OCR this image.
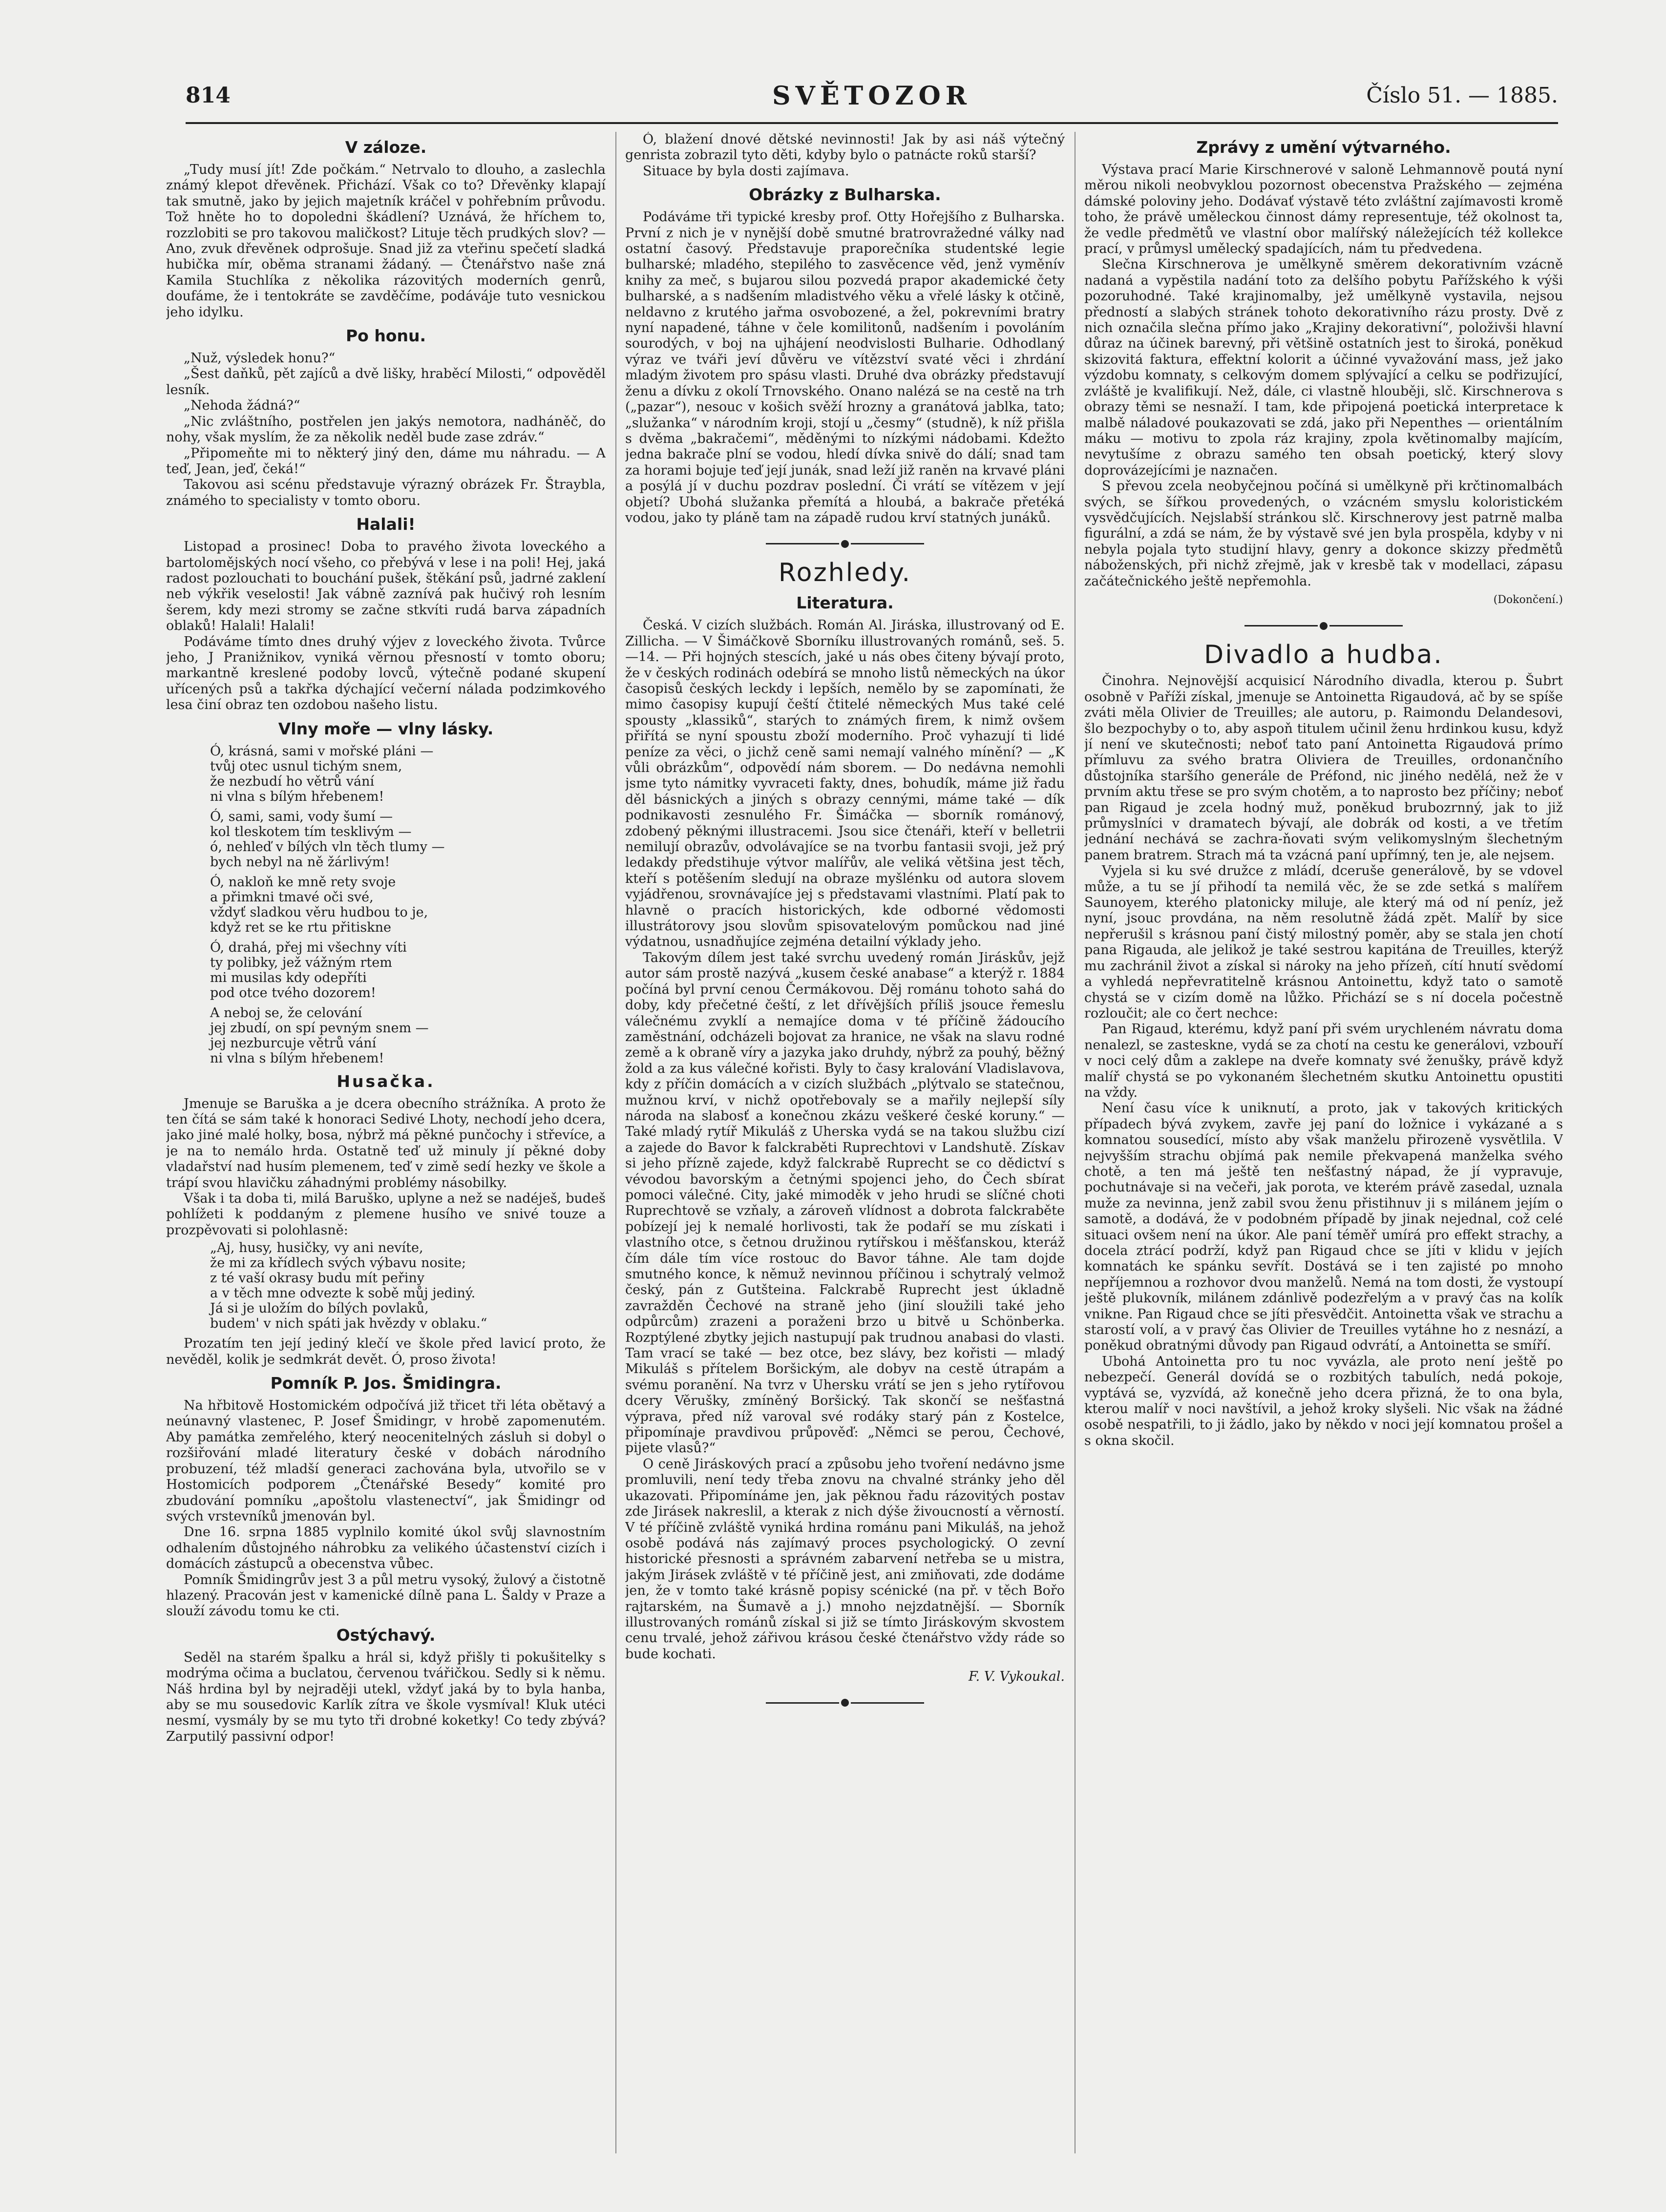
814	SVĚTOZOR	Číslo 51. — 1885.
V záloze.

„Tudy musí jít! Zde počkám.“ Netrvalo to dlouho, a zaslechla známý klepot dřevěnek. Přichází. Však co to? Dřevěnky klapají tak smutně, jako by jejich majetník kráčel v pohřebním průvodu. Tož hněte ho to dopoledni škádlení? Uznává, že hříchem to, rozzlobiti se pro takovou maličkost? Lituje těch prudkých slov? — Ano, zvuk dřevěnek odprošuje. Snad již za vteřinu spečetí sladká hubička mír, oběma stranami žádaný. — Čtenářstvo naše zná Kamila Stuchlíka z několika rázovitých moderních genrů, doufáme, že i tentokráte se zavděčíme, podáváje tuto vesnickou jeho idylku.

Po honu.

„Nuž, výsledek honu?“

„Šest daňků, pět zajíců a dvě lišky, hraběcí Milosti,“ odpověděl lesník.

„Nehoda žádná?“

„Nic zvláštního, postřelen jen jakýs nemotora, nadháněč, do nohy, však myslím, že za několik neděl bude zase zdráv.“

„Připomeňte mi to některý jiný den, dáme mu náhradu. — A teď, Jean, jeď, čeká!“

Takovou asi scénu představuje výrazný obrázek Fr. Štraybla, známého to specialisty v tomto oboru.

Halali!

Listopad a prosinec! Doba to pravého života loveckého a bartolomějských nocí všeho, co přebývá v lese i na poli! Hej, jaká radost pozlouchati to bouchání pušek, štěkání psů, jadrné zaklení neb výkřik veselosti! Jak vábně zaznívá pak hučivý roh lesním šerem, kdy mezi stromy se začne stkvíti rudá barva západních oblaků! Halali! Halali!

Podáváme tímto dnes druhý výjev z loveckého života. Tvůrce jeho, J Pranižnikov, vyniká věrnou přesností v tomto oboru; markantně kreslené podoby lovců, výtečně podané skupení uřícených psů a takřka dýchající večerní nálada podzimkového lesa činí obraz ten ozdobou našeho listu.

Vlny moře — vlny lásky.
Ó, krásná, sami v mořské pláni —
tvůj otec usnul tichým snem,
že nezbudí ho větrů vání
ni vlna s bílým hřebenem!
Ó, sami, sami, vody šumí —
kol tleskotem tím tesklivým —
ó, nehleď v bílých vln těch tlumy —
bych nebyl na ně žárlivým!
Ó, nakloň ke mně rety svoje
a přimkni tmavé oči své,
vždyť sladkou věru hudbou to je,
když ret se ke rtu přitiskne
Ó, drahá, přej mi všechny víti
ty polibky, jež vážným rtem
mi musilas kdy odepříti
pod otce tvého dozorem!
A neboj se, že celování
jej zbudí, on spí pevným snem —
jej nezburcuje větrů vání
ni vlna s bílým hřebenem!
Husačka.

Jmenuje se Baruška a je dcera obecního strážníka. A proto že ten čítá se sám také k honoraci Sedivé Lhoty, nechodí jeho dcera, jako jiné malé holky, bosa, nýbrž má pěkné punčochy i střevíce, a je na to nemálo hrda. Ostatně teď už minuly jí pěkné doby vladařství nad husím plemenem, teď v zimě sedí hezky ve škole a trápí svou hlavičku záhadnými problémy násobilky.

Však i ta doba ti, milá Baruško, uplyne a než se nadéješ, budeš pohlížeti k poddaným z plemene husího ve snivé touze a prozpěvovati si polohlasně:

„Aj, husy, husičky, vy ani nevíte,
že mi za křídlech svých výbavu nosite;
z té vaší okrasy budu mít peřiny
a v těch mne odvezte k sobě můj jediný.
Já si je uložím do bílých povlaků,
budem' v nich spáti jak hvězdy v oblaku.“

Prozatím ten její jediný klečí ve škole před lavicí proto, že nevěděl, kolik je sedmkrát devět. Ó, proso života!

Pomník P. Jos. Šmidingra.

Na hřbitově Hostomickém odpočívá již třicet tři léta obětavý a neúnavný vlastenec, P. Josef Šmidingr, v hrobě zapomenutém. Aby památka zemřelého, který neocenitelných zásluh si dobyl o rozšiřování mladé literatury české v dobách národního probuzení, též mladší generaci zachována byla, utvořilo se v Hostomicích podporem „Čtenářské Besedy“ komité pro zbudování pomníku „apoštolu vlastenectví“, jak Šmidingr od svých vrstevníků jmenován byl.

Dne 16. srpna 1885 vyplnilo komité úkol svůj slavnostním odhalením důstojného náhrobku za velikého účastenství cizích i domácích zástupců a obecenstva vůbec.

Pomník Šmidingrův jest 3 a půl metru vysoký, žulový a čistotně hlazený. Pracován jest v kamenické dílně pana L. Šaldy v Praze a slouží závodu tomu ke cti.

Ostýchavý.

Seděl na starém špalku a hrál si, když přišly ti pokušitelky s modrýma očima a buclatou, červenou tvářičkou. Sedly si k němu. Náš hrdina byl by nejraději utekl, vždyť jaká by to byla hanba, aby se mu sousedovic Karlík zítra ve škole vysmíval! Kluk utéci nesmí, vysmály by se mu tyto tři drobné koketky! Co tedy zbývá? Zarputilý passivní odpor!

Ó, blažení dnové dětské nevinnosti! Jak by asi náš výtečný genrista zobrazil tyto děti, kdyby bylo o patnácte roků starší?

Situace by byla dosti zajímava.

Obrázky z Bulharska.

Podáváme tři typické kresby prof. Otty Hořejšího z Bulharska. První z nich je v nynější době smutné bratrovražedné války nad ostatní časový. Představuje praporečníka studentské legie bulharské; mladého, stepilého to zasvěcence věd, jenž vyměnív knihy za meč, s bujarou silou pozvedá prapor akademické čety bulharské, a s nadšením mladistvého věku a vřelé lásky k otčině, neldavno z krutého jařma osvobozené, a žel, pokrevními bratry nyní napadené, táhne v čele komilitonů, nadšením i povoláním sourodých, v boj na ujhájení neodvislosti Bulharie. Odhodlaný výraz ve tváři jeví důvěru ve vítězství svaté věci i zhrdání mladým životem pro spásu vlasti. Druhé dva obrázky představují ženu a dívku z okolí Trnovského. Onano nalézá se na cestě na trh („pazar“), nesouc v košich svěží hrozny a granátová jablka, tato; „služanka“ v národním kroji, stojí u „česmy“ (studně), k níž přišla s dvěma „bakračemi“, měděnými to nízkými nádobami. Kdežto jedna bakrače plní se vodou, hledí dívka snivě do dálí; snad tam za horami bojuje teď její junák, snad leží již raněn na krvavé pláni a posýlá jí v duchu pozdrav poslední. Či vrátí se vítězem v její objetí? Ubohá služanka přemítá a hloubá, a bakrače přetéká vodou, jako ty pláně tam na západě rudou krví statných junáků.

Rozhledy.
Literatura.

Česká. V cizích službách. Román Al. Jiráska, illustrovaný od E. Zillicha. — V Šimáčkově Sborníku illustrovaných románů, seš. 5.—14. — Při hojných stescích, jaké u nás obes čiteny bývají proto, že v českých rodinách odebírá se mnoho listů německých na úkor časopisů českých leckdy i lepších, nemělo by se zapomínati, že mimo časopisy kupují čeští čtitelé německých Mus také celé spousty „klassiků“, starých to známých firem, k nimž ovšem přiřítá se nyní spoustu zboží moderního. Proč vyhazují ti lidé peníze za věci, o jichž ceně sami nemají valného mínění? — „K vůli obrázkům“, odpovědí nám sborem. — Do nedávna nemohli jsme tyto námitky vyvraceti fakty, dnes, bohudík, máme již řadu děl básnických a jiných s obrazy cennými, máme také — dík podnikavosti zesnulého Fr. Šimáčka — sborník románový, zdobený pěknými illustracemi. Jsou sice čtenáři, kteří v belletrii nemilují obrazův, odvolávajíce se na tvorbu fantasii svoji, jež prý ledakdy předstihuje výtvor malířův, ale veliká většina jest těch, kteří s potěšením sledují na obraze myšlénku od autora slovem vyjádřenou, srovnávajíce jej s představami vlastními. Platí pak to hlavně o pracích historických, kde odborné vědomosti illustrátorovy jsou slovům spisovatelovým pomůckou nad jiné výdatnou, usnadňujíce zejména detailní výklady jeho.

Takovým dílem jest také svrchu uvedený román Jiráskův, jejž autor sám prostě nazývá „kusem české anabase“ a kterýž r. 1884 počíná byl první cenou Čermákovou. Děj románu tohoto sahá do doby, kdy přečetné čeští, z let dřívějších příliš jsouce řemeslu válečnému zvyklí a nemajíce doma v té příčině žádoucího zaměstnání, odcházeli bojovat za hranice, ne však na slavu rodné země a k obraně víry a jazyka jako druhdy, nýbrž za pouhý, běžný žold a za kus válečné kořisti. Byly to časy kralování Vladislavova, kdy z příčin domácích a v cizích službách „plýtvalo se statečnou, mužnou krví, v nichž opotřebovaly se a mařily nejlepší síly národa na slabosť a konečnou zkázu veškeré české koruny.“ — Také mladý rytíř Mikuláš z Uherska vydá se na takou službu cizí a zajede do Bavor k falckraběti Ruprechtovi v Landshutě. Získav si jeho přízně zajede, když falckrabě Ruprecht se co dědictví s vévodou bavorským a četnými spojenci jeho, do Čech sbírat pomoci válečné. City, jaké mimoděk v jeho hrudi se slíčné choti Ruprechtově se vzňaly, a zároveň vlídnost a dobrota falckraběte pobízejí jej k nemalé horlivosti, tak že podaří se mu získati i vlastního otce, s četnou družinou rytířskou i měšťanskou, kteráž čím dále tím více rostouc do Bavor táhne. Ale tam dojde smutného konce, k němuž nevinnou příčinou i schytralý velmož český, pán z Gutšteina. Falckrabě Ruprecht jest úkladně zavražděn Čechové na straně jeho (jiní sloužili také jeho odpůrcům) zrazeni a poraženi brzo u bitvě u Schönberka. Rozptýlené zbytky jejich nastupují pak trudnou anabasi do vlasti. Tam vrací se také — bez otce, bez slávy, bez kořisti — mladý Mikuláš s přítelem Boršickým, ale dobyv na cestě útrapám a svému poranění. Na tvrz v Uhersku vrátí se jen s jeho rytířovou dcery Věrušky, zmíněný Boršický. Tak skončí se nešťastná výprava, před níž varoval své rodáky starý pán z Kostelce, připomínaje pravdivou průpověď: „Němci se perou, Čechové, pijete vlasů?“

O ceně Jiráskových prací a způsobu jeho tvoření nedávno jsme promluvili, není tedy třeba znovu na chvalné stránky jeho děl ukazovati. Připomínáme jen, jak pěknou řadu rázovitých postav zde Jirásek nakreslil, a kterak z nich dýše živoucností a věrností. V té příčině zvláště vyniká hrdina románu pani Mikuláš, na jehož osobě podává nás zajímavý proces psychologický. O zevní historické přesnosti a správném zabarvení netřeba se u mistra, jakým Jirásek zvláště v té příčině jest, ani zmiňovati, zde dodáme jen, že v tomto také krásně popisy scénické (na př. v těch Bořo rajtarském, na Šumavě a j.) mnoho nejzdatnější. — Sborník illustrovaných románů získal si již se tímto Jiráskovým skvostem cenu trvalé, jehož zářivou krásou české čtenářstvo vždy ráde so bude kochati.

F. V. Vykoukal.

Zprávy z umění výtvarného.

Výstava prací Marie Kirschnerové v saloně Lehmannově poutá nyní měrou nikoli neobvyklou pozornost obecenstva Pražského — zejména dámské poloviny jeho. Dodávať výstavě této zvláštní zajímavosti kromě toho, že právě uměleckou činnost dámy representuje, též okolnost ta, že vedle předmětů ve vlastní obor malířský náležejících též kollekce prací, v průmysl umělecký spadajících, nám tu předvedena.

Slečna Kirschnerova je umělkyně směrem dekorativním vzácně nadaná a vypěstila nadání toto za delšího pobytu Pařížského k výši pozoruhodné. Také krajinomalby, jež umělkyně vystavila, nejsou předností a slabých stránek tohoto dekorativního rázu prosty. Dvě z nich označila slečna přímo jako „Krajiny dekorativní“, položivši hlavní důraz na účinek barevný, při většině ostatních jest to široká, poněkud skizovitá faktura, effektní kolorit a účinné vyvažování mass, jež jako výzdobu komnaty, s celkovým domem splývající a celku se podřizující, zvláště je kvalifikují. Než, dále, ci vlastně hlouběji, slč. Kirschnerova s obrazy těmi se nesnaží. I tam, kde připojená poetická interpretace k malbě náladové poukazovati se zdá, jako při Nepenthes — orientálním máku — motivu to zpola ráz krajiny, zpola květinomalby majícím, nevytušíme z obrazu samého ten obsah poetický, který slovy doprovázejícími je naznačen.

S převou zcela neobyčejnou počíná si umělkyně při krčtinomalbách svých, se šířkou provedených, o vzácném smyslu koloristickém vysvědčujících. Nejslabší stránkou slč. Kirschnerovy jest patrně malba figurální, a zdá se nám, že by výstavě své jen byla prospěla, kdyby v ni nebyla pojala tyto studijní hlavy, genry a dokonce skizzy předmětů náboženských, při nichž zřejmě, jak v kresbě tak v modellaci, zápasu začátečnického ještě nepřemohla.

(Dokončení.)

Divadlo a hudba.

Činohra. Nejnovější acquisicí Národního divadla, kterou p. Šubrt osobně v Paříži získal, jmenuje se Antoinetta Rigaudová, ač by se spíše zváti měla Olivier de Treuilles; ale autoru, p. Raimondu Delandesovi, šlo bezpochyby o to, aby aspoň titulem učinil ženu hrdinkou kusu, když jí není ve skutečnosti; neboť tato paní Antoinetta Rigaudová prímo přímluvu za svého bratra Oliviera de Treuilles, ordonančního důstojníka staršího generále de Préfond, nic jiného nedělá, než že v prvním aktu třese se pro svým chotěm, a to naprosto bez příčiny; neboť pan Rigaud je zcela hodný muž, poněkud brubozrnný, jak to již průmyslníci v dramatech bývají, ale dobrák od kosti, a ve třetím jednání nechává se zachra-ňovati svým velikomyslným šlechetným panem bratrem. Strach má ta vzácná paní upřímný, ten je, ale nejsem.

Vyjela si ku své družce z mládí, dceruše generálově, by se vdovel může, a tu se jí přihodí ta nemilá věc, že se zde setká s malířem Saunoyem, kterého platonicky miluje, ale který má od ní peníz, jež nyní, jsouc provdána, na něm resolutně žádá zpět. Malíř by sice nepřerušil s krásnou paní čistý milostný poměr, aby se stala jen chotí pana Rigauda, ale jelikož je také sestrou kapitána de Treuilles, kterýž mu zachránil život a získal si nároky na jeho přízeň, cítí hnutí svědomí a vyhledá nepřevratitelně krásnou Antoinettu, když tato o samotě chystá se v cizím domě na lůžko. Přichází se s ní docela počestně rozloučit; ale co čert nechce:

Pan Rigaud, kterému, když paní při svém urychleném návratu doma nenalezl, se zasteskne, vydá se za chotí na cestu ke generálovi, vzbouří v noci celý dům a zaklepe na dveře komnaty své ženušky, právě když malíř chystá se po vykonaném šlechetném skutku Antoinettu opustiti na vždy.

Není času více k uniknutí, a proto, jak v takových kritických případech bývá zvykem, zavře jej paní do ložnice i vykázané a s komnatou sousedící, místo aby však manželu přirozeně vysvětlila. V nejvyšším strachu objímá pak nemile překvapená manželka svého chotě, a ten má ještě ten nešťastný nápad, že jí vypravuje, pochutnávaje si na večeři, jak porota, ve kterém právě zasedal, uznala muže za nevinna, jenž zabil svou ženu přistihnuv ji s milánem jejím o samotě, a dodává, že v podobném případě by jinak nejednal, což celé situaci ovšem není na úkor. Ale paní téměř umírá pro effekt strachy, a docela ztrácí podrží, když pan Rigaud chce se jíti v klidu v jejích komnatách ke spánku sevřít. Dostává se i ten zajisté po mnoho nepříjemnou a rozhovor dvou manželů. Nemá na tom dosti, že vystoupí ještě plukovník, milánem zdánlivě podezřelým a v pravý čas na kolík vnikne. Pan Rigaud chce se jíti přesvědčit. Antoinetta však ve strachu a starostí volí, a v pravý čas Olivier de Treuilles vytáhne ho z nesnází, a poněkud obratnými důvody pan Rigaud odvrátí, a Antoinetta se smíří.

Ubohá Antoinetta pro tu noc vyvázla, ale proto není ještě po nebezpečí. Generál dovídá se o rozbitých tabulích, nedá pokoje, vyptává se, vyzvídá, až konečně jeho dcera přizná, že to ona byla, kterou malíř v noci navštívil, a jehož kroky slyšeli. Nic však na žádné osobě nespatřili, to ji žádlo, jako by někdo v noci její komnatou prošel a s okna skočil.
